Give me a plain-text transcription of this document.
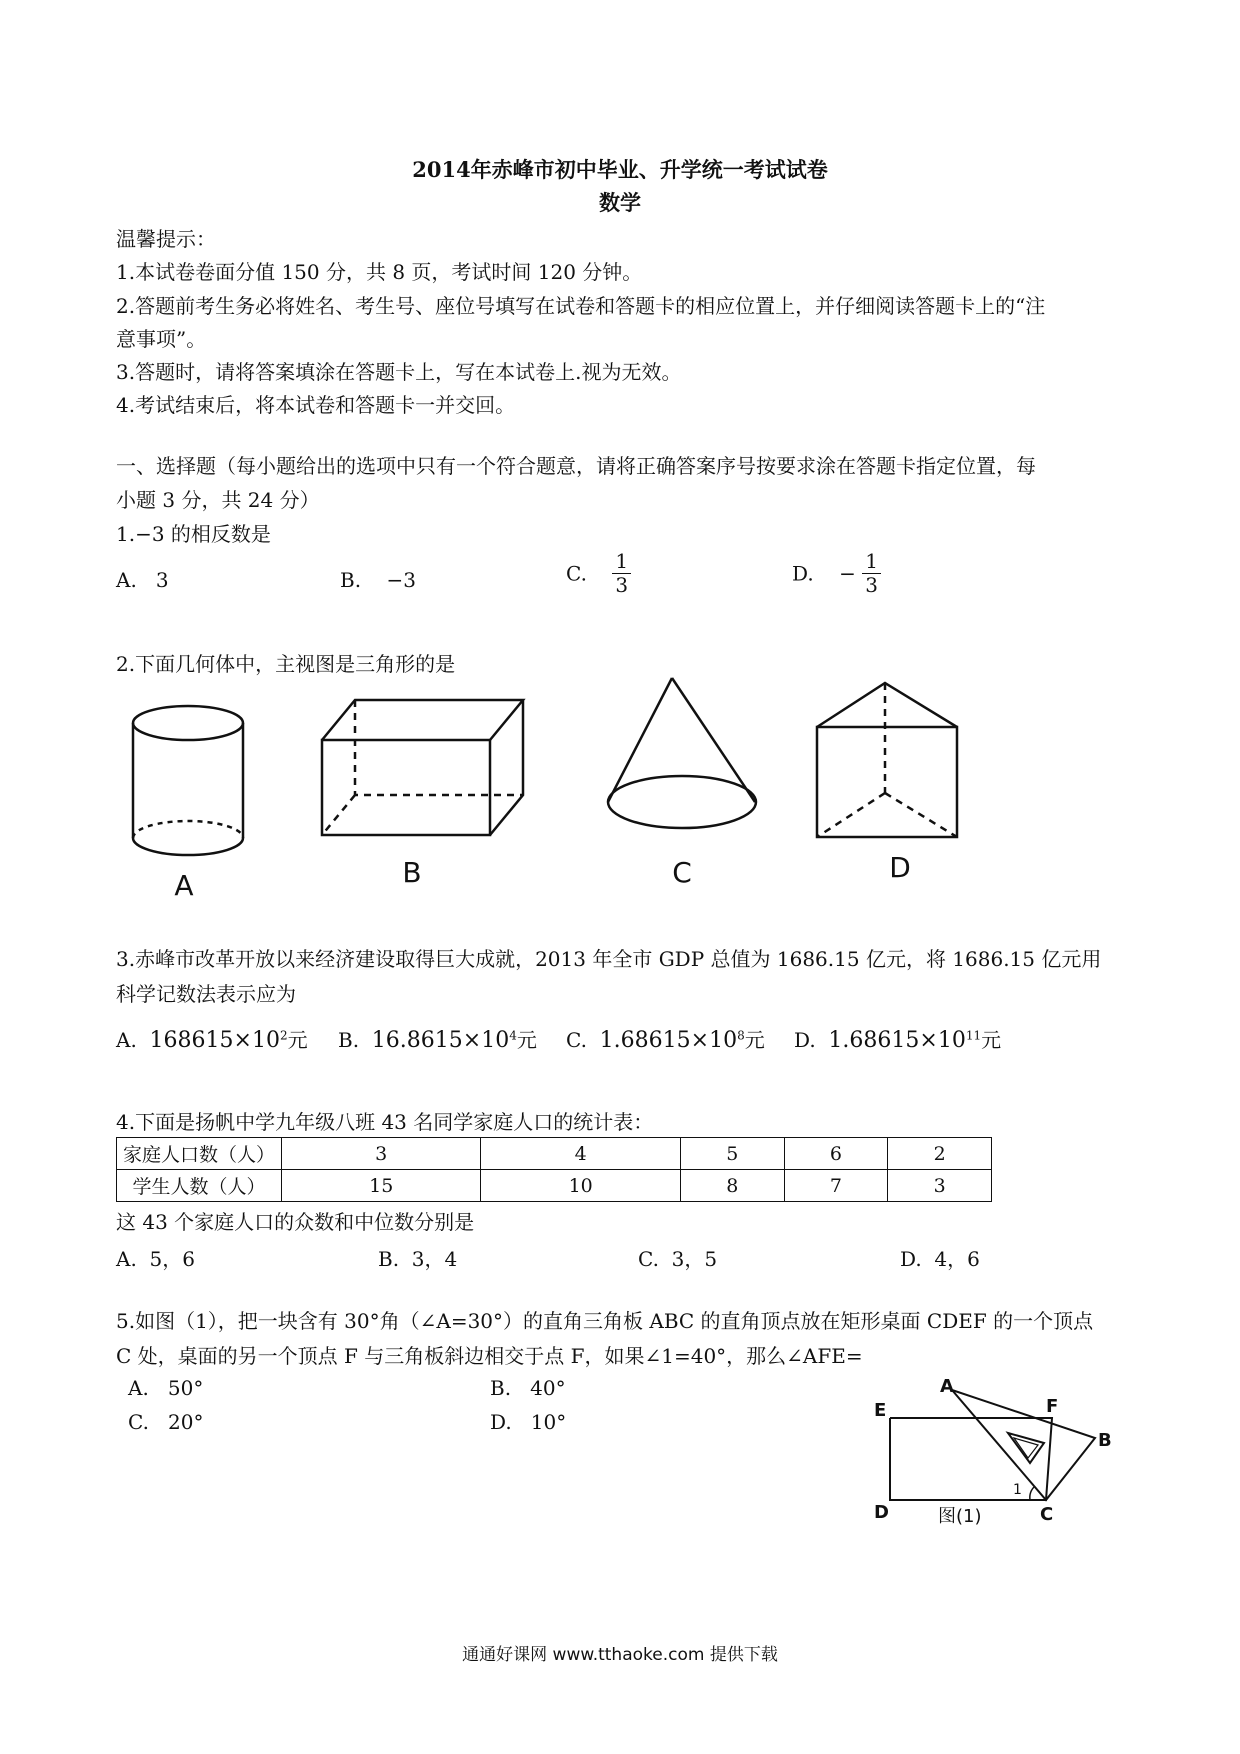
2014年赤峰市初中毕业、升学统一考试试卷
数学
温馨提示：
1.本试卷卷面分值 150 分，共 8 页，考试时间 120 分钟。
2.答题前考生务必将姓名、考生号、座位号填写在试卷和答题卡的相应位置上，并仔细阅读答题卡上的“注
意事项”。
3.答题时，请将答案填涂在答题卡上，写在本试卷上.视为无效。
4.考试结束后，将本试卷和答题卡一并交回。
一、选择题（每小题给出的选项中只有一个符合题意，请将正确答案序号按要求涂在答题卡指定位置，每
小题 3 分，共 24 分）
1.−3 的相反数是
A. 3	B. −3	C. $\frac{1}{3}$	D. − $\frac{1}{3}$
2.下面几何体中，主视图是三角形的是
A	B	C	D
3.赤峰市改革开放以来经济建设取得巨大成就，2013 年全市 GDP 总值为 1686.15 亿元，将 1686.15 亿元用
科学记数法表示应为
A. $168615\times 10^2$元 B. $16.8615\times 10^4$元 C. $1.68615\times 10^8$元 D. $1.68615\times 10^{11}$元
4.下面是扬帆中学九年级八班 43 名同学家庭人口的统计表：
家庭人口数（人）	3	4	5	6	2
学生人数（人）	15	10	8	7	3
这 43 个家庭人口的众数和中位数分别是
A. 5，6	B. 3，4	C. 3，5	D. 4，6
5.如图（1），把一块含有 30°角（∠A=30°）的直角三角板 ABC 的直角顶点放在矩形桌面 CDEF 的一个顶点
C 处，桌面的另一个顶点 F 与三角板斜边相交于点 F，如果∠1=40°，那么∠AFE=
A. 50°	B. 40°
C. 20°	D. 10°
A
B
C
D
E	F
1
图(1)
通通好课网 www.tthaoke.com 提供下载
